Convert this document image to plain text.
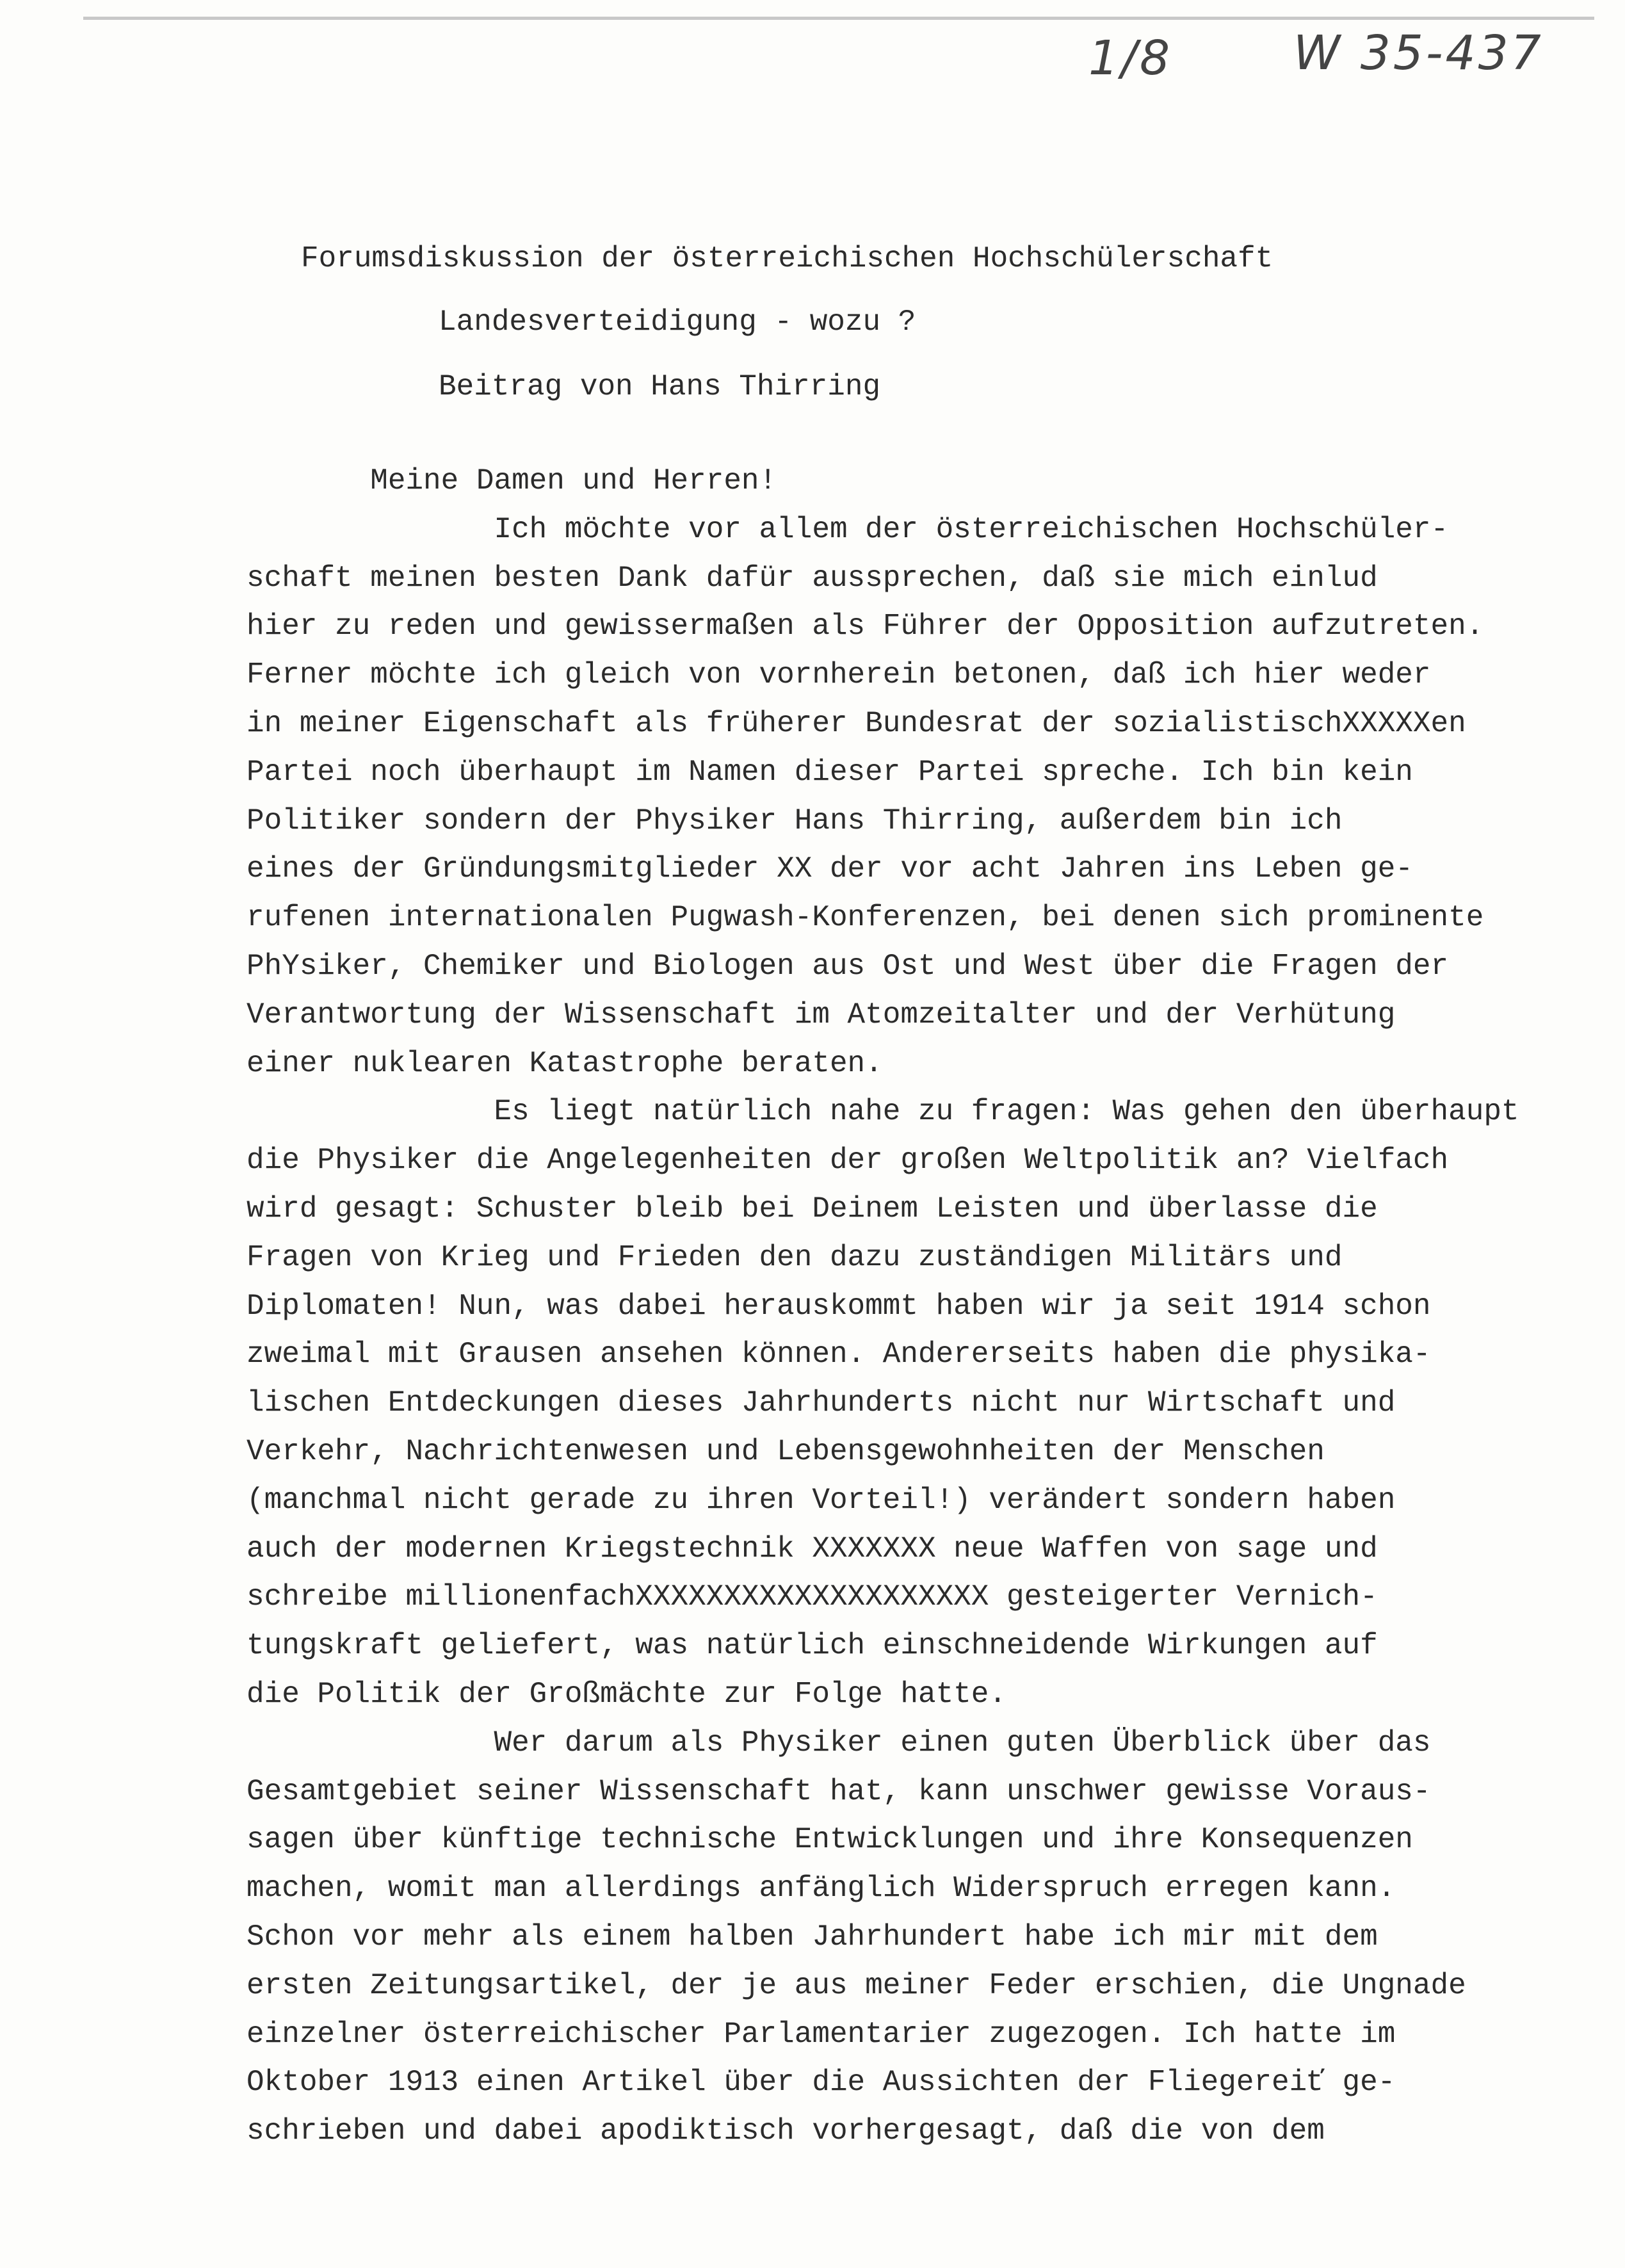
1/8	W 35-437
Forumsdiskussion der österreichischen Hochschülerschaft
Landesverteidigung - wozu ?
Beitrag von Hans Thirring
Meine Damen und Herren!
Ich möchte vor allem der österreichischen Hochschüler-
schaft meinen besten Dank dafür aussprechen, daß sie mich einlud
hier zu reden und gewissermaßen als Führer der Opposition aufzutreten.
Ferner möchte ich gleich von vornherein betonen, daß ich hier weder
in meiner Eigenschaft als früherer Bundesrat der sozialistischXXXXXen
Partei noch überhaupt im Namen dieser Partei spreche. Ich bin kein
Politiker sondern der Physiker Hans Thirring, außerdem bin ich
eines der Gründungsmitglieder XX der vor acht Jahren ins Leben ge-
rufenen internationalen Pugwash-Konferenzen, bei denen sich prominente
PhYsiker, Chemiker und Biologen aus Ost und West über die Fragen der
Verantwortung der Wissenschaft im Atomzeitalter und der Verhütung
einer nuklearen Katastrophe beraten.
Es liegt natürlich nahe zu fragen: Was gehen den überhaupt
die Physiker die Angelegenheiten der großen Weltpolitik an? Vielfach
wird gesagt: Schuster bleib bei Deinem Leisten und überlasse die
Fragen von Krieg und Frieden den dazu zuständigen Militärs und
Diplomaten! Nun, was dabei herauskommt haben wir ja seit 1914 schon
zweimal mit Grausen ansehen können. Andererseits haben die physika-
lischen Entdeckungen dieses Jahrhunderts nicht nur Wirtschaft und
Verkehr, Nachrichtenwesen und Lebensgewohnheiten der Menschen
(manchmal nicht gerade zu ihren Vorteil!) verändert sondern haben
auch der modernen Kriegstechnik XXXXXXX neue Waffen von sage und
schreibe millionenfachXXXXXXXXXXXXXXXXXXXX gesteigerter Vernich-
tungskraft geliefert, was natürlich einschneidende Wirkungen auf
die Politik der Großmächte zur Folge hatte.
Wer darum als Physiker einen guten Überblick über das
Gesamtgebiet seiner Wissenschaft hat, kann unschwer gewisse Voraus-
sagen über künftige technische Entwicklungen und ihre Konsequenzen
machen, womit man allerdings anfänglich Widerspruch erregen kann.
Schon vor mehr als einem halben Jahrhundert habe ich mir mit dem
ersten Zeitungsartikel, der je aus meiner Feder erschien, die Ungnade
einzelner österreichischer Parlamentarier zugezogen. Ich hatte im
Oktober 1913 einen Artikel über die Aussichten der Fliegereiť ge-
schrieben und dabei apodiktisch vorhergesagt, daß die von dem
